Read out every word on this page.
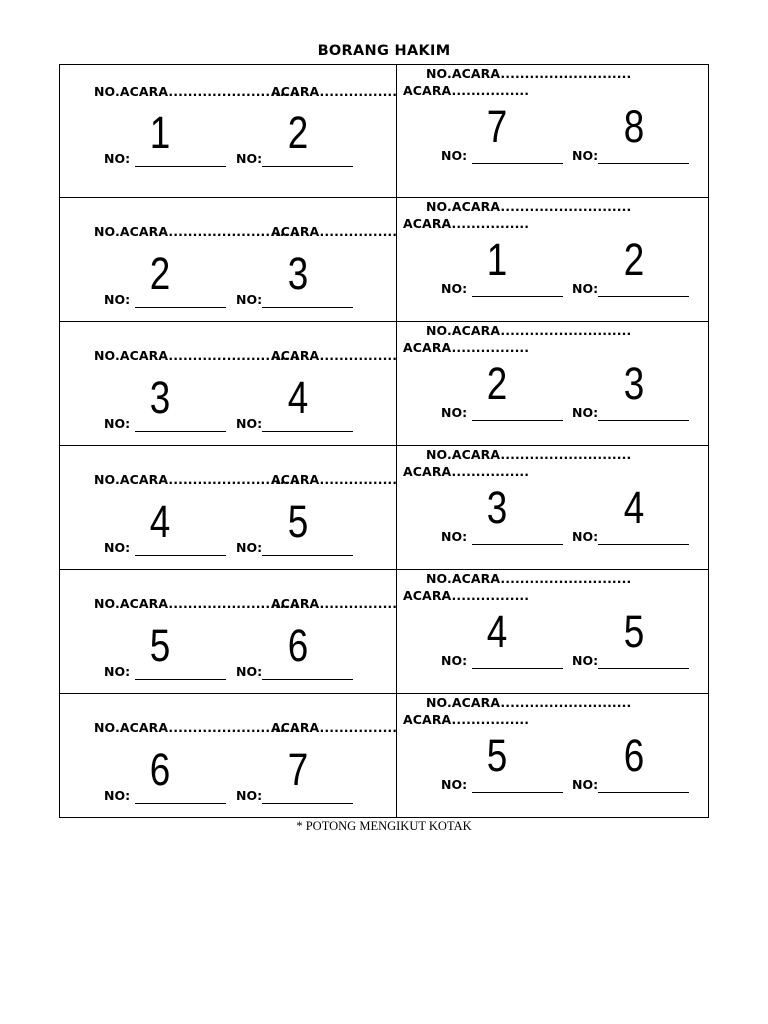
BORANG HAKIM
NO.ACARA...........................
ACARA................
1	2
NO:	NO:
NO.ACARA...........................
ACARA................
7	8
NO:	NO:
NO.ACARA...........................
ACARA................
2	3
NO:	NO:
NO.ACARA...........................
ACARA................
1	2
NO:	NO:
NO.ACARA...........................
ACARA................
3	4
NO:	NO:
NO.ACARA...........................
ACARA................
2	3
NO:	NO:
NO.ACARA...........................
ACARA................
4	5
NO:	NO:
NO.ACARA...........................
ACARA................
3	4
NO:	NO:
NO.ACARA...........................
ACARA................
5	6
NO:	NO:
NO.ACARA...........................
ACARA................
4	5
NO:	NO:
NO.ACARA...........................
ACARA................
6	7
NO:	NO:
NO.ACARA...........................
ACARA................
5	6
NO:	NO:
* POTONG MENGIKUT KOTAK
